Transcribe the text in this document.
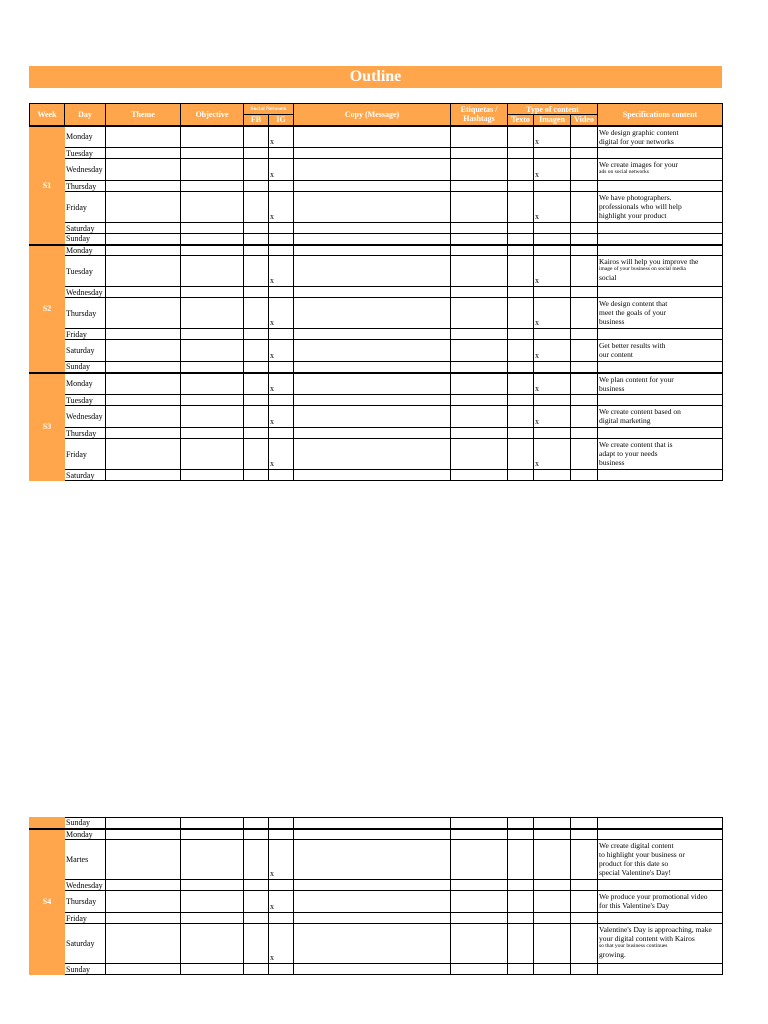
Outline
Week	Day	Theme	Objective	Social Network		Copy (Message)	Etiquetas / Hashtags	Type of content			Specifications content
				FB	IG			Texto	Imagen	Video	
S1	Monday				x				x		We design graphic content
digital for your networks

	Tuesday										
	Wednesday				x				x		We create images for your
ads on social networks

	Thursday										
	Friday				x				x		We have photographers.
professionals who will help
highlight your product

	Saturday										
	Sunday										
S2	Monday										
	Tuesday				x				x		Kairos will help you improve the
image of your business on social media
social

	Wednesday										
	Thursday				x				x		We design content that
meet the goals of your
business

	Friday										
	Saturday				x				x		Get better results with
our content

	Sunday										
S3	Monday				x				x		We plan content for your
business

	Tuesday										
	Wednesday				x				x		We create content based on
digital marketing

	Thursday										
	Friday				x				x		We create content that is
adapt to your needs
business

	Saturday										
	Sunday										
S4	Monday										
	Martes				x						We create digital content
to highlight your business or
product for this date so
special Valentine's Day!

	Wednesday										
	Thursday				x						We produce your promotional video
for this Valentine's Day

	Friday										
	Saturday				x						Valentine's Day is approaching, make
your digital content with Kairos
so that your business continues
growing.

	Sunday										
